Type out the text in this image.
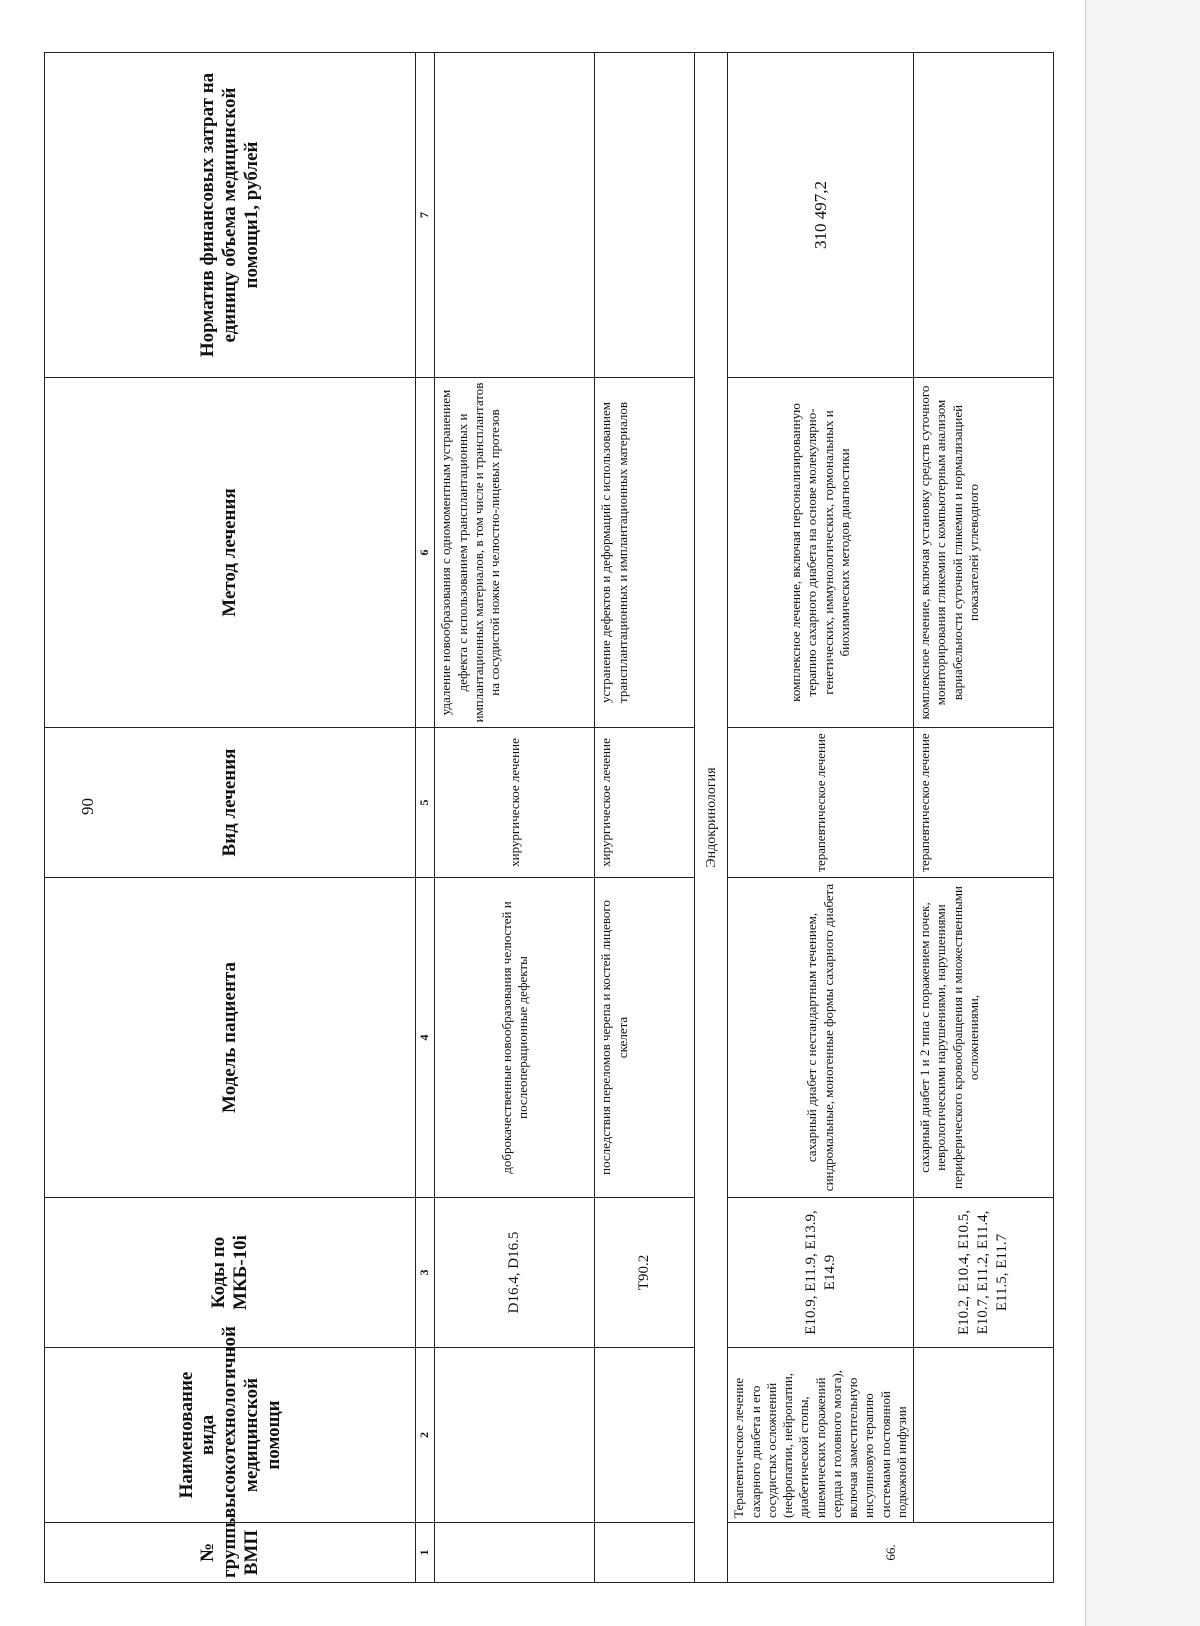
90
№ группы ВМП	Наименование вида высокотехнологичной медицинской помощи	Коды по МКБ-10i	Модель пациента	Вид лечения	Метод лечения	Норматив финансовых затрат на единицу объема медицинской помощи1, рублей
1	2	3	4	5	6	7
		D16.4, D16.5	доброкачественные новообразования челюстей и послеоперационные дефекты	хирургическое лечение	удаление новообразования с одномоментным устранением дефекта с использованием трансплантационных и имплантационных материалов, в том числе и трансплантатов на сосудистой ножке и челюстно-лицевых протезов	
		T90.2	последствия переломов черепа и костей лицевого скелета	хирургическое лечение	устранение дефектов и деформаций с использованием трансплантационных и имплантационных материалов	
Эндокринология						
66.	Терапевтическое лечение сахарного диабета и его сосудистых осложнений (нефропатии, нейропатии, диабетической стопы, ишемических поражений сердца и головного мозга), включая заместительную инсулиновую терапию системами постоянной подкожной инфузии	E10.9, E11.9, E13.9, E14.9	сахарный диабет с нестандартным течением, синдромальные, моногенные формы сахарного диабета	терапевтическое лечение	комплексное лечение, включая персонализированную терапию сахарного диабета на основе молекулярно-генетических, иммунологических, гормональных и биохимических методов диагностики	310 497,2
		E10.2, E10.4, E10.5, E10.7, E11.2, E11.4, E11.5, E11.7	сахарный диабет 1 и 2 типа с поражением почек, неврологическими нарушениями, нарушениями периферического кровообращения и множественными осложнениями,	терапевтическое лечение	комплексное лечение, включая установку средств суточного мониторирования гликемии с компьютерным анализом вариабельности суточной гликемии и нормализацией показателей углеводного	
